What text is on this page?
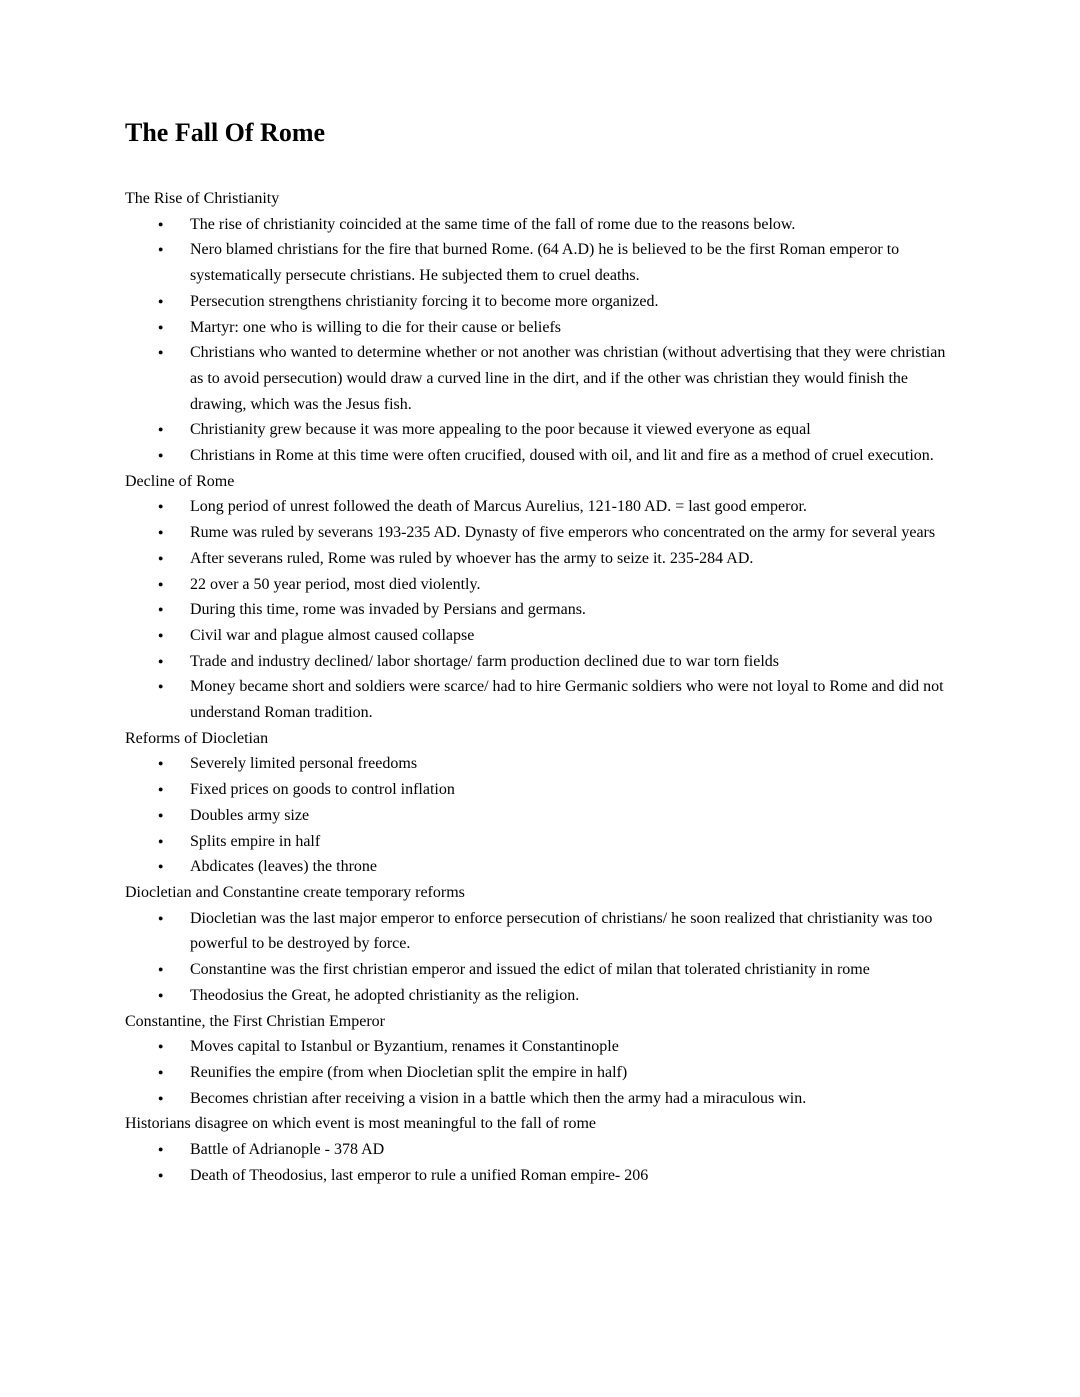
The Fall Of Rome
The Rise of Christianity
● The rise of christianity coincided at the same time of the fall of rome due to the reasons below.
● Nero blamed christians for the fire that burned Rome. (64 A.D) he is believed to be the first Roman emperor to systematically persecute christians. He subjected them to cruel deaths.
● Persecution strengthens christianity forcing it to become more organized.
● Martyr: one who is willing to die for their cause or beliefs
● Christians who wanted to determine whether or not another was christian (without advertising that they were christian as to avoid persecution) would draw a curved line in the dirt, and if the other was christian they would finish the drawing, which was the Jesus fish.
● Christianity grew because it was more appealing to the poor because it viewed everyone as equal
● Christians in Rome at this time were often crucified, doused with oil, and lit and fire as a method of cruel execution.
Decline of Rome
● Long period of unrest followed the death of Marcus Aurelius, 121-180 AD. = last good emperor.
● Rume was ruled by severans 193-235 AD. Dynasty of five emperors who concentrated on the army for several years
● After severans ruled, Rome was ruled by whoever has the army to seize it. 235-284 AD.
● 22 over a 50 year period, most died violently.
● During this time, rome was invaded by Persians and germans.
● Civil war and plague almost caused collapse
● Trade and industry declined/ labor shortage/ farm production declined due to war torn fields
● Money became short and soldiers were scarce/ had to hire Germanic soldiers who were not loyal to Rome and did not understand Roman tradition.
Reforms of Diocletian
● Severely limited personal freedoms
● Fixed prices on goods to control inflation
● Doubles army size
● Splits empire in half
● Abdicates (leaves) the throne
Diocletian and Constantine create temporary reforms
● Diocletian was the last major emperor to enforce persecution of christians/ he soon realized that christianity was too powerful to be destroyed by force.
● Constantine was the first christian emperor and issued the edict of milan that tolerated christianity in rome
● Theodosius the Great, he adopted christianity as the religion.
Constantine, the First Christian Emperor
● Moves capital to Istanbul or Byzantium, renames it Constantinople
● Reunifies the empire (from when Diocletian split the empire in half)
● Becomes christian after receiving a vision in a battle which then the army had a miraculous win.
Historians disagree on which event is most meaningful to the fall of rome
● Battle of Adrianople - 378 AD
● Death of Theodosius, last emperor to rule a unified Roman empire- 206
